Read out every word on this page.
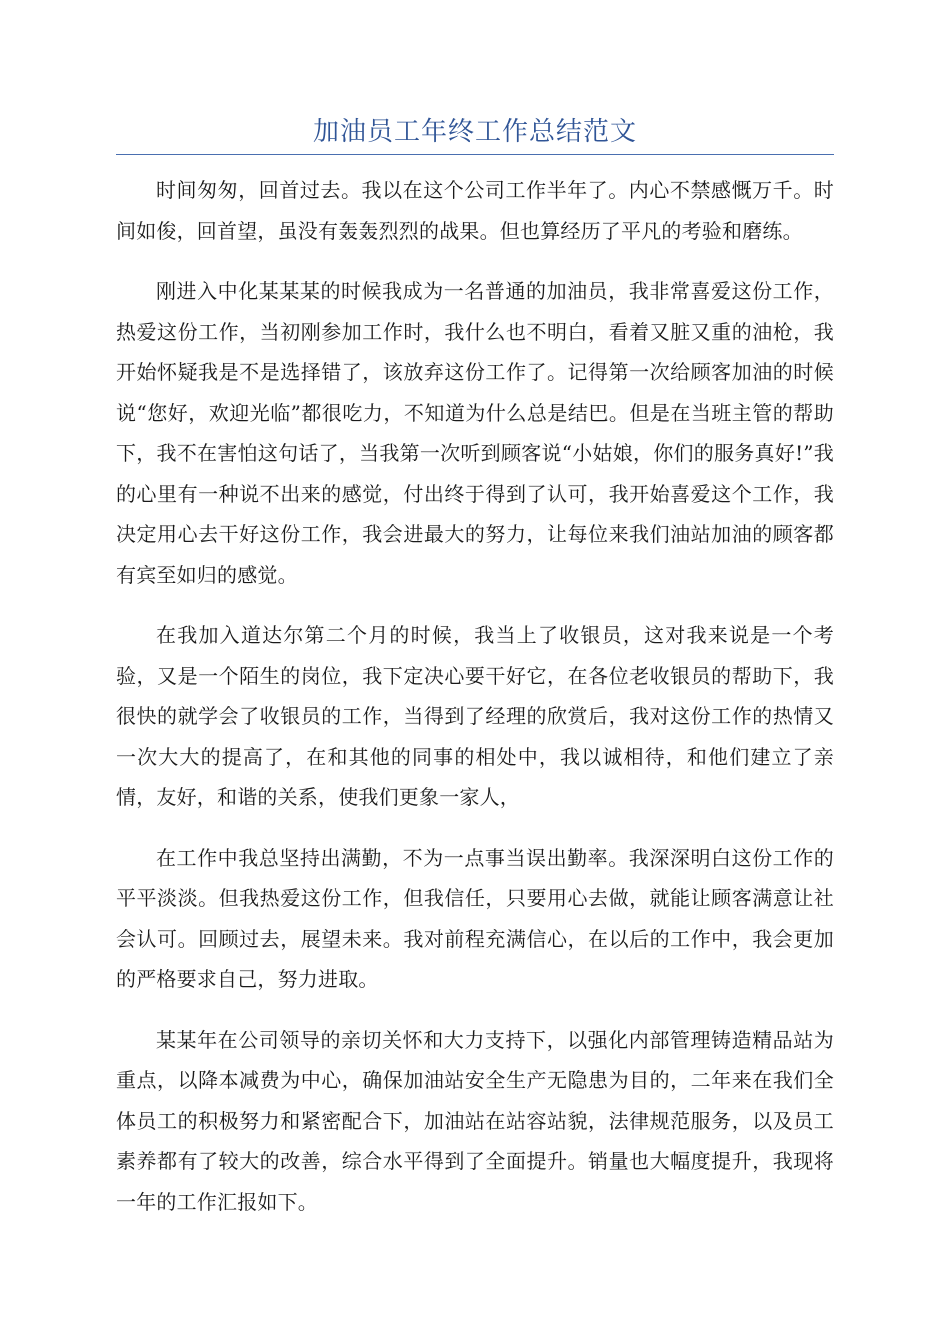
加油员工年终工作总结范文

时间匆匆，回首过去。我以在这个公司工作半年了。内心不禁感慨万千。时间如俊，回首望，虽没有轰轰烈烈的战果。但也算经历了平凡的考验和磨练。

刚进入中化某某某的时候我成为一名普通的加油员，我非常喜爱这份工作，热爱这份工作，当初刚参加工作时，我什么也不明白，看着又脏又重的油枪，我开始怀疑我是不是选择错了，该放弃这份工作了。记得第一次给顾客加油的时候说“您好，欢迎光临”都很吃力，不知道为什么总是结巴。但是在当班主管的帮助下，我不在害怕这句话了，当我第一次听到顾客说“小姑娘，你们的服务真好!”我的心里有一种说不出来的感觉，付出终于得到了认可，我开始喜爱这个工作，我决定用心去干好这份工作，我会进最大的努力，让每位来我们油站加油的顾客都有宾至如归的感觉。

在我加入道达尔第二个月的时候，我当上了收银员，这对我来说是一个考验，又是一个陌生的岗位，我下定决心要干好它，在各位老收银员的帮助下，我很快的就学会了收银员的工作，当得到了经理的欣赏后，我对这份工作的热情又一次大大的提高了，在和其他的同事的相处中，我以诚相待，和他们建立了亲情，友好，和谐的关系，使我们更象一家人，

在工作中我总坚持出满勤，不为一点事当误出勤率。我深深明白这份工作的平平淡淡。但我热爱这份工作，但我信任，只要用心去做，就能让顾客满意让社会认可。回顾过去，展望未来。我对前程充满信心，在以后的工作中，我会更加的严格要求自己，努力进取。

某某年在公司领导的亲切关怀和大力支持下，以强化内部管理铸造精品站为重点，以降本减费为中心，确保加油站安全生产无隐患为目的，二年来在我们全体员工的积极努力和紧密配合下，加油站在站容站貌，法律规范服务，以及员工素养都有了较大的改善，综合水平得到了全面提升。销量也大幅度提升，我现将一年的工作汇报如下。
